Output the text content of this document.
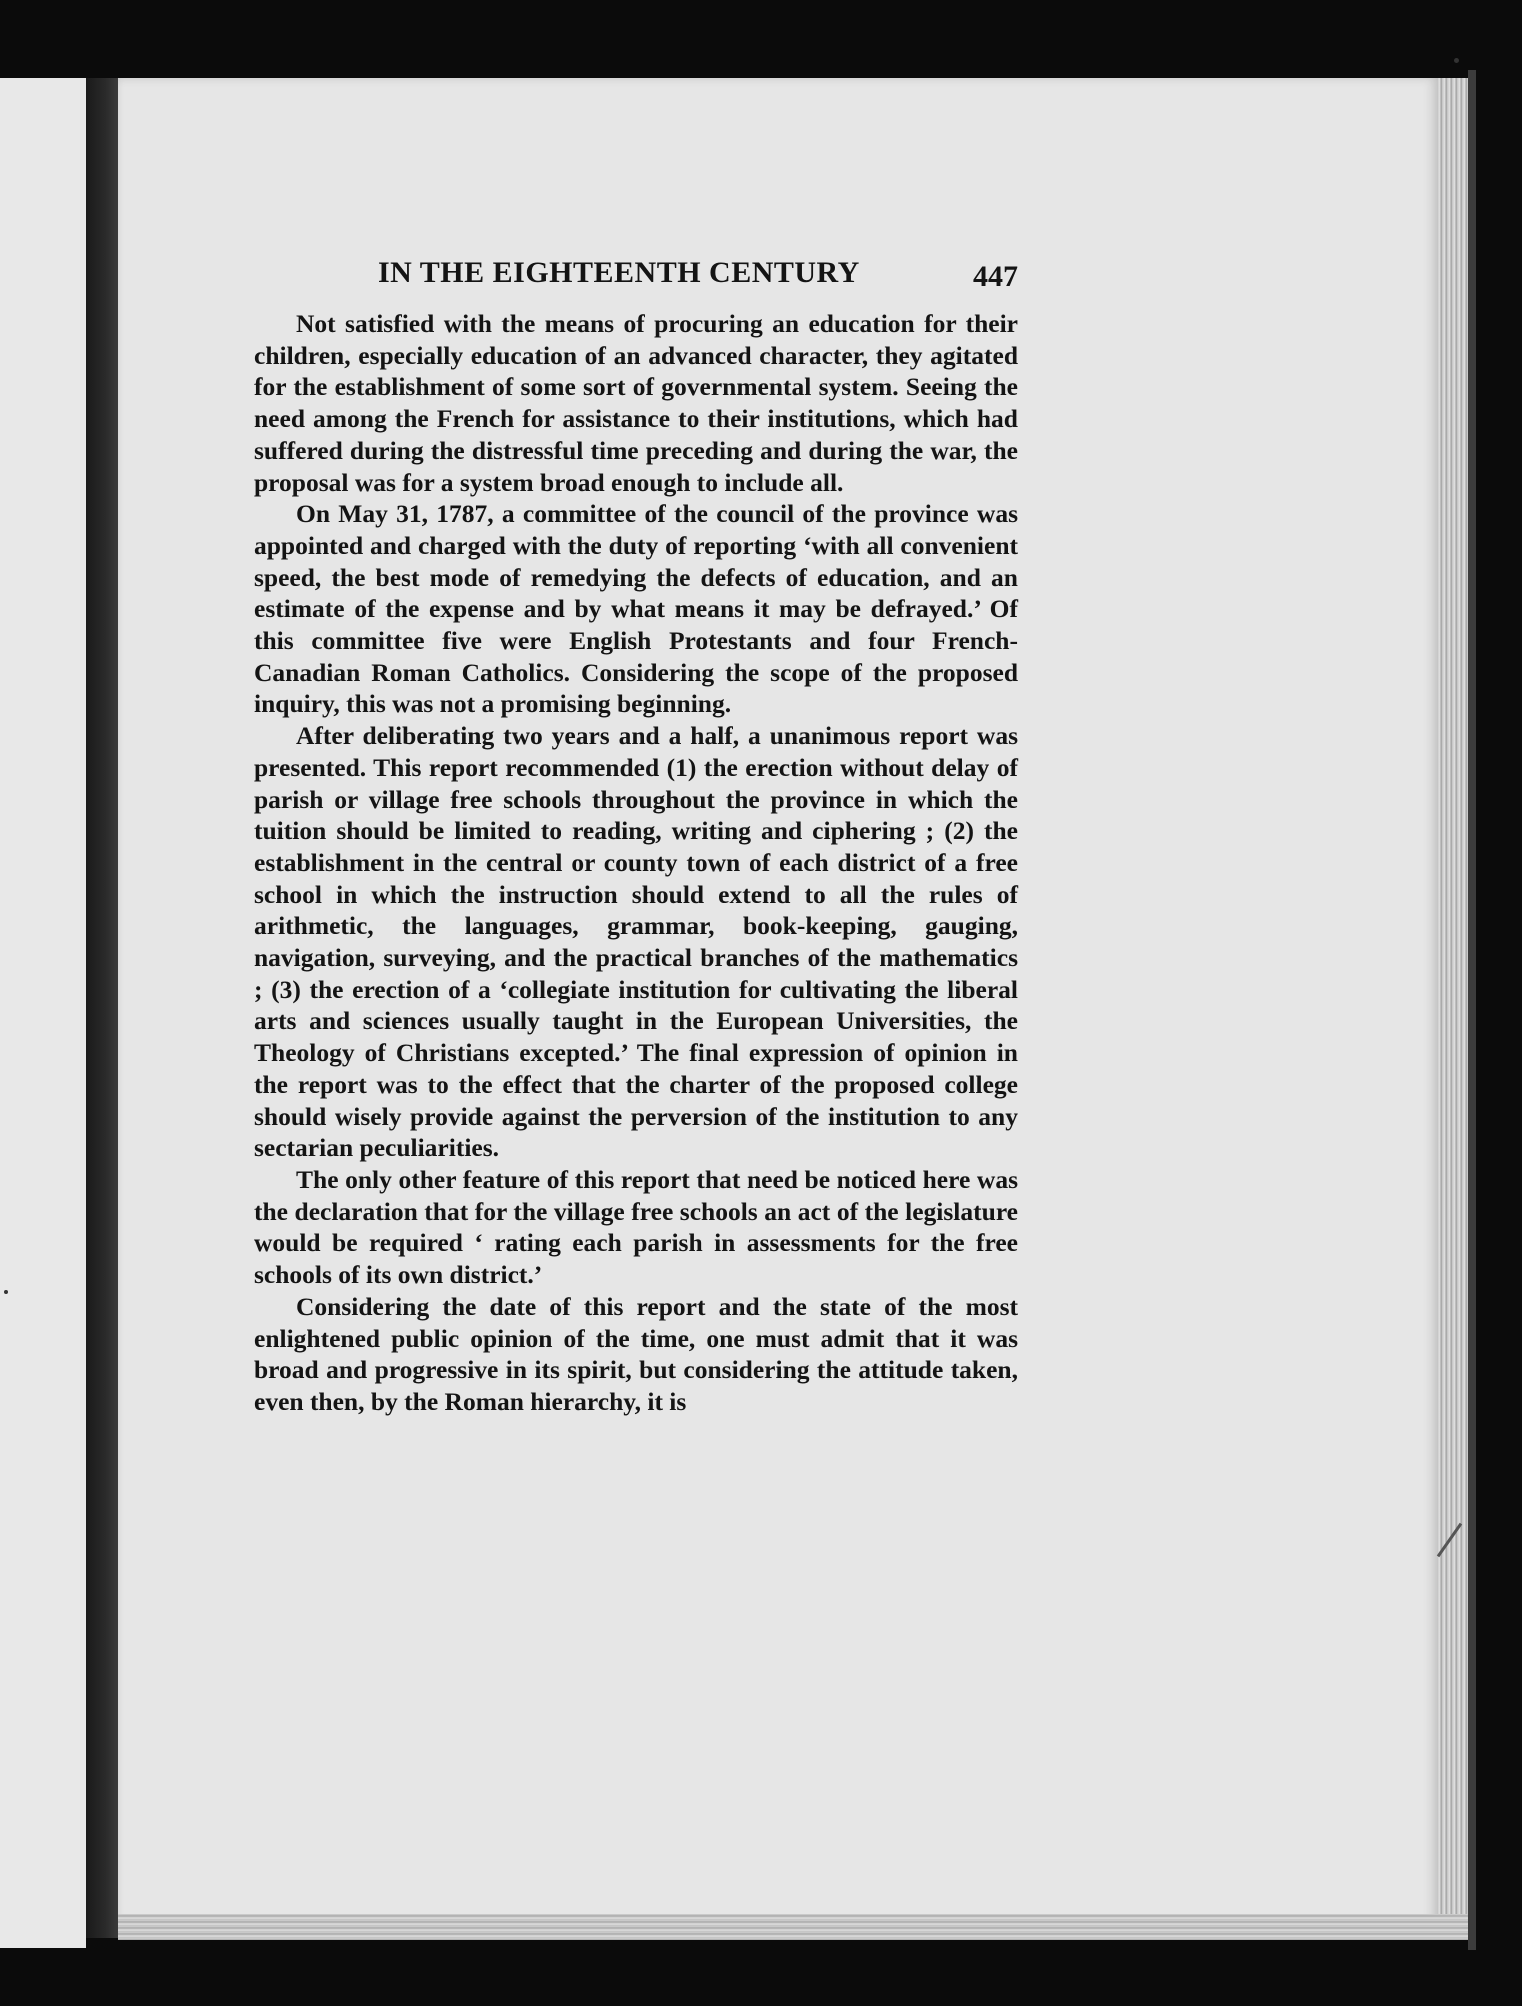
IN THE EIGHTEENTH CENTURY	447

Not satisfied with the means of procuring an education for their children, especially education of an advanced character, they agitated for the establishment of some sort of governmental system. Seeing the need among the French for assistance to their institutions, which had suffered during the distressful time preceding and during the war, the proposal was for a system broad enough to include all.

On May 31, 1787, a committee of the council of the province was appointed and charged with the duty of reporting ‘with all convenient speed, the best mode of remedying the defects of education, and an estimate of the expense and by what means it may be defrayed.’ Of this committee five were English Protestants and four French-Canadian Roman Catholics. Considering the scope of the proposed inquiry, this was not a promising beginning.

After deliberating two years and a half, a unanimous report was presented. This report recommended (1) the erection without delay of parish or village free schools throughout the province in which the tuition should be limited to reading, writing and ciphering ; (2) the establishment in the central or county town of each district of a free school in which the instruction should extend to all the rules of arithmetic, the languages, grammar, book-keeping, gauging, navigation, surveying, and the practical branches of the mathematics ; (3) the erection of a ‘collegiate institution for cultivating the liberal arts and sciences usually taught in the European Universities, the Theology of Christians excepted.’ The final expression of opinion in the report was to the effect that the charter of the proposed college should wisely provide against the perversion of the institution to any sectarian peculiarities.

The only other feature of this report that need be noticed here was the declaration that for the village free schools an act of the legislature would be required ‘ rating each parish in assessments for the free schools of its own district.’

Considering the date of this report and the state of the most enlightened public opinion of the time, one must admit that it was broad and progressive in its spirit, but considering the attitude taken, even then, by the Roman hierarchy, it is
